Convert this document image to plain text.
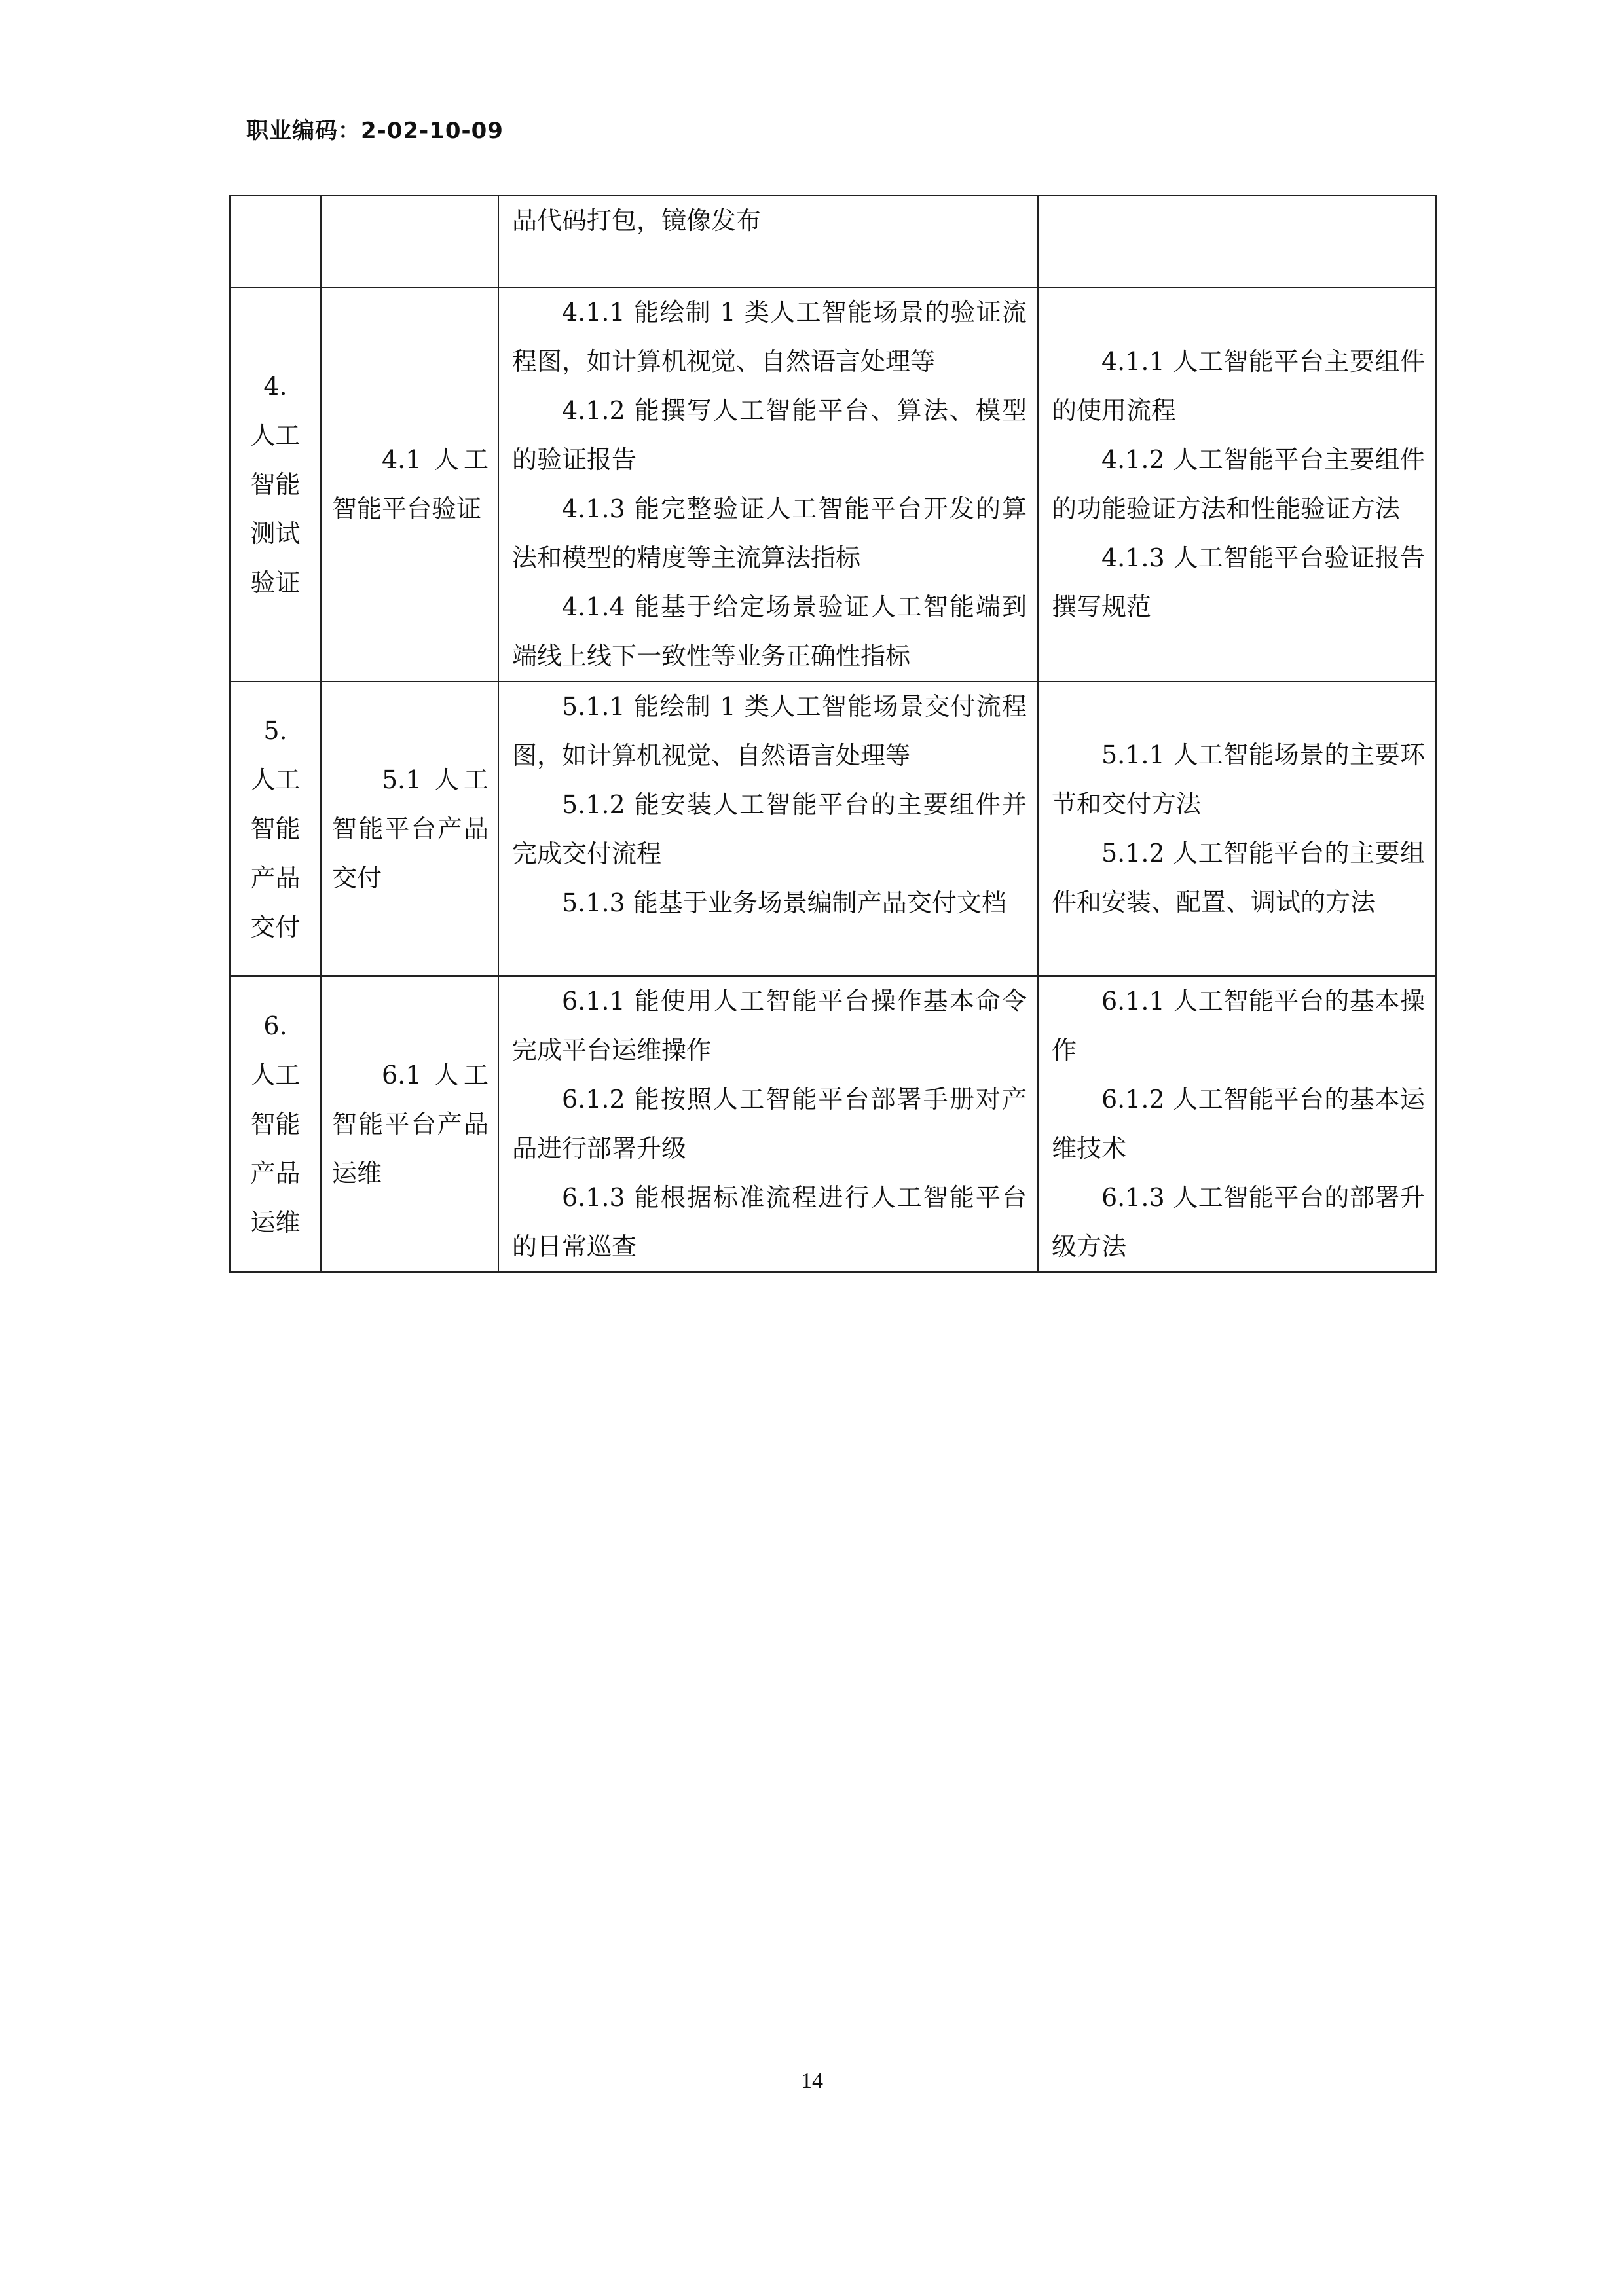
职业编码：2-02-10-09

		品代码打包，镜像发布	

4.
人工
智能
测试
验证	4.1 人工智能平台验证	4.1.1 能绘制 1 类人工智能场景的验证流程图，如计算机视觉、自然语言处理等
4.1.2 能撰写人工智能平台、算法、模型的验证报告
4.1.3 能完整验证人工智能平台开发的算法和模型的精度等主流算法指标
4.1.4 能基于给定场景验证人工智能端到端线上线下一致性等业务正确性指标	4.1.1 人工智能平台主要组件的使用流程
4.1.2 人工智能平台主要组件的功能验证方法和性能验证方法
4.1.3 人工智能平台验证报告撰写规范

5.
人工
智能
产品
交付	5.1 人工智能平台产品交付	5.1.1 能绘制 1 类人工智能场景交付流程图，如计算机视觉、自然语言处理等
5.1.2 能安装人工智能平台的主要组件并完成交付流程
5.1.3 能基于业务场景编制产品交付文档	5.1.1 人工智能场景的主要环节和交付方法
5.1.2 人工智能平台的主要组件和安装、配置、调试的方法

6.
人工
智能
产品
运维	6.1 人工智能平台产品运维	6.1.1 能使用人工智能平台操作基本命令完成平台运维操作
6.1.2 能按照人工智能平台部署手册对产品进行部署升级
6.1.3 能根据标准流程进行人工智能平台的日常巡查	6.1.1 人工智能平台的基本操作
6.1.2 人工智能平台的基本运维技术
6.1.3 人工智能平台的部署升级方法
14
